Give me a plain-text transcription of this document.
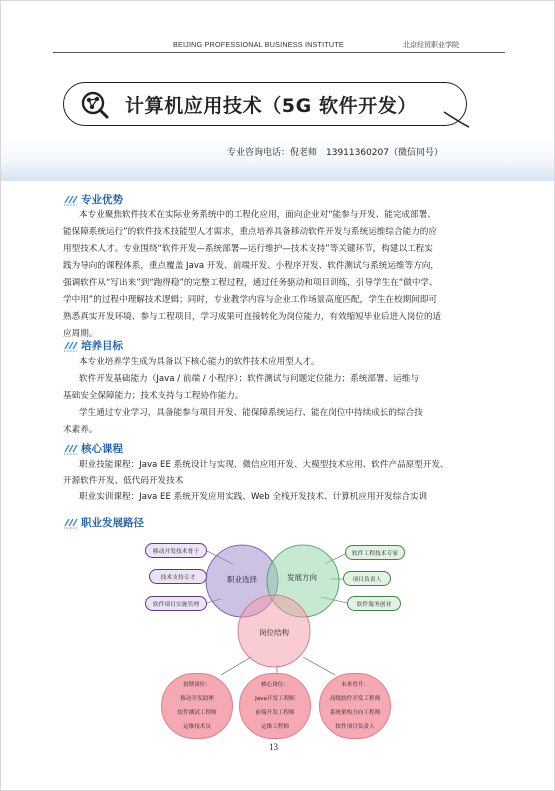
BEIJING PROFESSIONAL BUSINESS INSTITUTE	北京经贸职业学院
计算机应用技术（5G 软件开发）
专业咨询电话：倪老师　13911360207（微信同号）
专业优势
本专业聚焦软件技术在实际业务系统中的工程化应用，面向企业对“能参与开发、能完成部署、
能保障系统运行”的软件技术技能型人才需求，重点培养具备移动软件开发与系统运维综合能力的应
用型技术人才。专业围绕“软件开发—系统部署—运行维护—技术支持”等关键环节，构建以工程实
践为导向的课程体系，重点覆盖 Java 开发、前端开发、小程序开发、软件测试与系统运维等方向，
强调软件从“写出来”到“跑得稳”的完整工程过程，通过任务驱动和项目训练，引导学生在“做中学、
学中用”的过程中理解技术逻辑；同时，专业教学内容与企业工作场景高度匹配，学生在校期间即可
熟悉真实开发环境、参与工程项目，学习成果可直接转化为岗位能力，有效缩短毕业后进入岗位的适
应周期。
培养目标
本专业培养学生成为具备以下核心能力的软件技术应用型人才。
软件开发基础能力（Java / 前端 / 小程序）；软件测试与问题定位能力；系统部署、运维与
基础安全保障能力；技术支持与工程协作能力。
学生通过专业学习，具备能参与项目开发、能保障系统运行、能在岗位中持续成长的综合技
术素养。
核心课程
职业技能课程：Java EE 系统设计与实现、微信应用开发、大模型技术应用、软件产品原型开发、
开源软件开发、低代码开发技术
职业实训课程：Java EE 系统开发应用实践、Web 全栈开发技术、计算机应用开发综合实训
职业发展路径
职业选择	发展方向
岗位结构
移动开发技术骨干
技术支持专才
软件项目实施管理
软件工程技术专家
项目负责人
软件服务创业
初期岗位：
移动开发助理
软件测试工程师
运维技术员
核心岗位：
Java开发工程师
前端开发工程师
运维工程师
未来晋升：
高级软件开发工程师
系统架构方向工程师
软件项目负责人
13
